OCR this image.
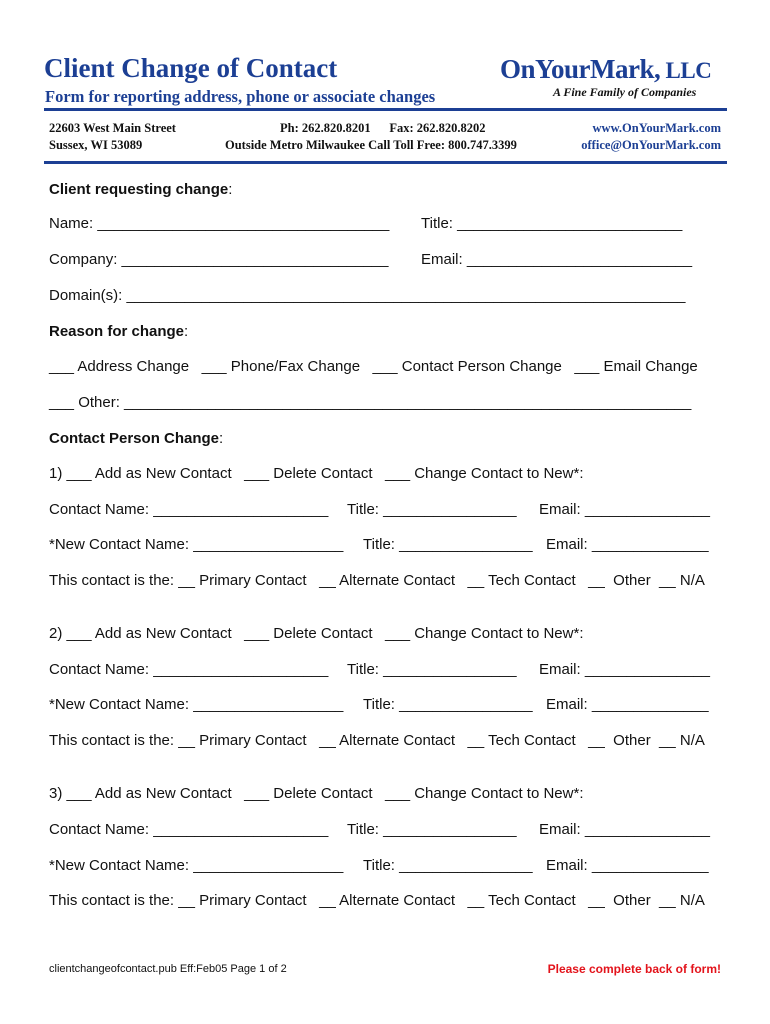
Client Change of Contact
Form for reporting address, phone or associate changes
OnYourMark, LLC
A Fine Family of Companies
22603 West Main Street
Sussex, WI 53089
Ph: 262.820.8201      Fax: 262.820.8202
Outside Metro Milwaukee Call Toll Free: 800.747.3399
www.OnYourMark.com
office@OnYourMark.com
Client requesting change:
Name: ___________________________________ Title: ___________________________
Company: ________________________________ Email: ___________________________
Domain(s): ___________________________________________________________________
Reason for change:
___ Address Change   ___ Phone/Fax Change   ___ Contact Person Change   ___ Email Change
___ Other: ____________________________________________________________________
Contact Person Change:
1) ___ Add as New Contact   ___ Delete Contact   ___ Change Contact to New*:
Contact Name: _____________________ Title: ________________ Email: _______________
*New Contact Name: __________________ Title: ________________ Email: ______________
This contact is the: __ Primary Contact   __ Alternate Contact   __ Tech Contact   __  Other  __ N/A
2) ___ Add as New Contact   ___ Delete Contact   ___ Change Contact to New*:
Contact Name: _____________________ Title: ________________ Email: _______________
*New Contact Name: __________________ Title: ________________ Email: ______________
This contact is the: __ Primary Contact   __ Alternate Contact   __ Tech Contact   __  Other  __ N/A
3) ___ Add as New Contact   ___ Delete Contact   ___ Change Contact to New*:
Contact Name: _____________________ Title: ________________ Email: _______________
*New Contact Name: __________________ Title: ________________ Email: ______________
This contact is the: __ Primary Contact   __ Alternate Contact   __ Tech Contact   __  Other  __ N/A
clientchangeofcontact.pub Eff:Feb05 Page 1 of 2	Please complete back of form!
